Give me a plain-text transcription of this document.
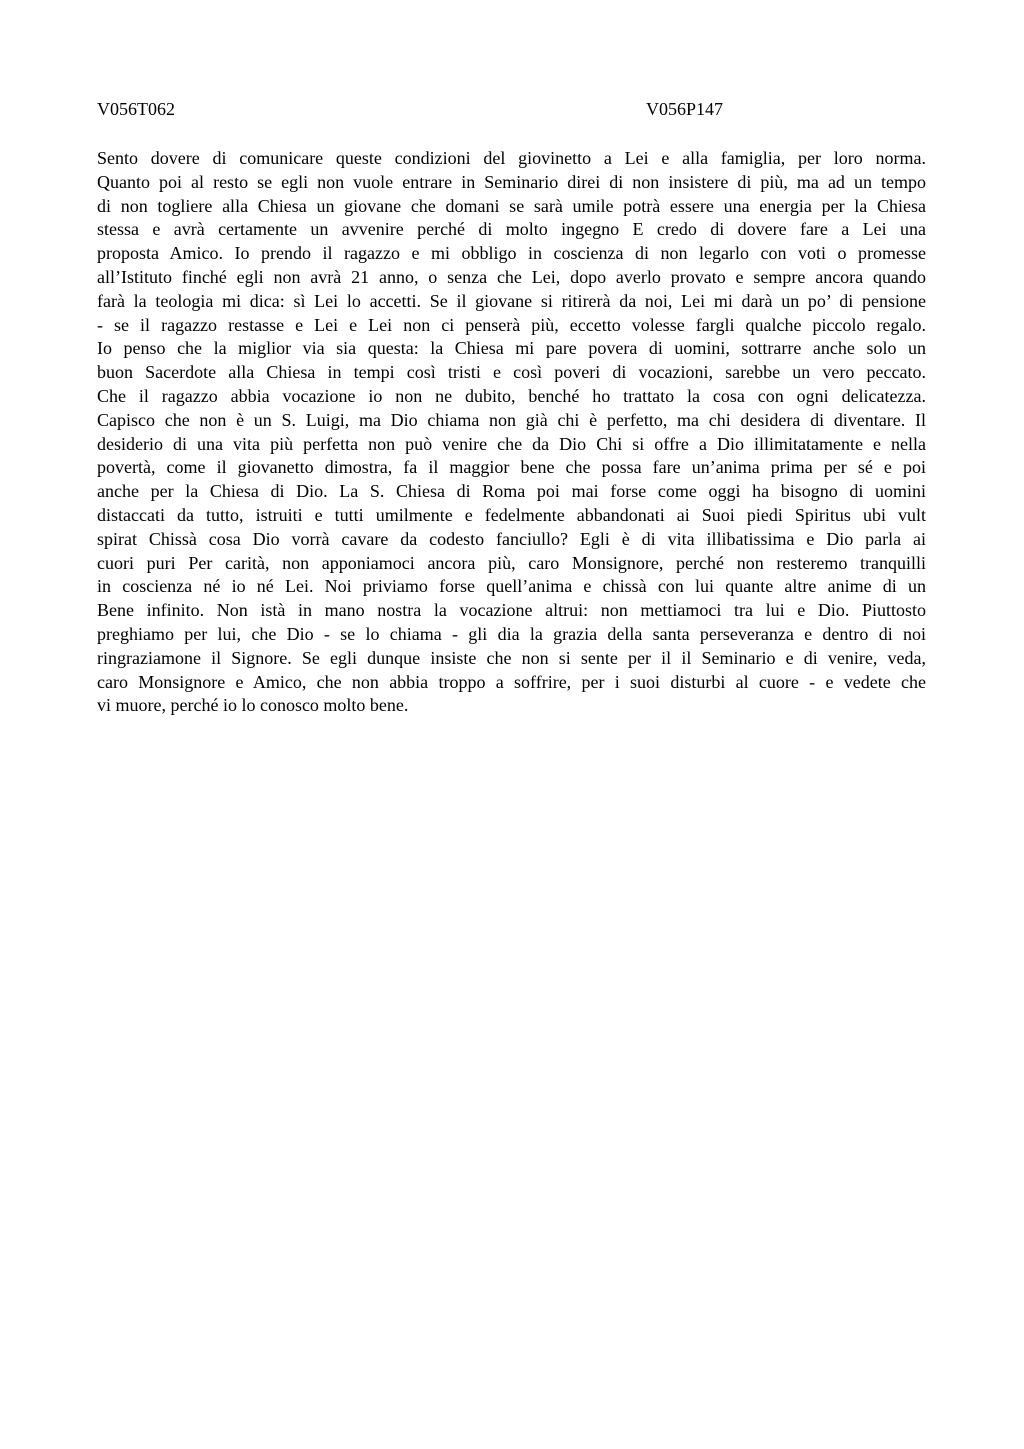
V056T062	V056P147
Sento dovere di comunicare queste condizioni del giovinetto a Lei e alla famiglia, per loro norma.
Quanto poi al resto se egli non vuole entrare in Seminario direi di non insistere di più, ma ad un tempo
di non togliere alla Chiesa un giovane che domani se sarà umile potrà essere una energia per la Chiesa
stessa e avrà certamente un avvenire perché di molto ingegno E credo di dovere fare a Lei una
proposta Amico. Io prendo il ragazzo e mi obbligo in coscienza di non legarlo con voti o promesse
all’Istituto finché egli non avrà 21 anno, o senza che Lei, dopo averlo provato e sempre ancora quando
farà la teologia mi dica: sì Lei lo accetti. Se il giovane si ritirerà da noi, Lei mi darà un po’ di pensione
- se il ragazzo restasse e Lei e Lei non ci penserà più, eccetto volesse fargli qualche piccolo regalo.
Io penso che la miglior via sia questa: la Chiesa mi pare povera di uomini, sottrarre anche solo un
buon Sacerdote alla Chiesa in tempi così tristi e così poveri di vocazioni, sarebbe un vero peccato.
Che il ragazzo abbia vocazione io non ne dubito, benché ho trattato la cosa con ogni delicatezza.
Capisco che non è un S. Luigi, ma Dio chiama non già chi è perfetto, ma chi desidera di diventare. Il
desiderio di una vita più perfetta non può venire che da Dio Chi si offre a Dio illimitatamente e nella
povertà, come il giovanetto dimostra, fa il maggior bene che possa fare un’anima prima per sé e poi
anche per la Chiesa di Dio. La S. Chiesa di Roma poi mai forse come oggi ha bisogno di uomini
distaccati da tutto, istruiti e tutti umilmente e fedelmente abbandonati ai Suoi piedi Spiritus ubi vult
spirat Chissà cosa Dio vorrà cavare da codesto fanciullo? Egli è di vita illibatissima e Dio parla ai
cuori puri Per carità, non apponiamoci ancora più, caro Monsignore, perché non resteremo tranquilli
in coscienza né io né Lei. Noi priviamo forse quell’anima e chissà con lui quante altre anime di un
Bene infinito. Non istà in mano nostra la vocazione altrui: non mettiamoci tra lui e Dio. Piuttosto
preghiamo per lui, che Dio - se lo chiama - gli dia la grazia della santa perseveranza e dentro di noi
ringraziamone il Signore. Se egli dunque insiste che non si sente per il il Seminario e di venire, veda,
caro Monsignore e Amico, che non abbia troppo a soffrire, per i suoi disturbi al cuore - e vedete che
vi muore, perché io lo conosco molto bene.
